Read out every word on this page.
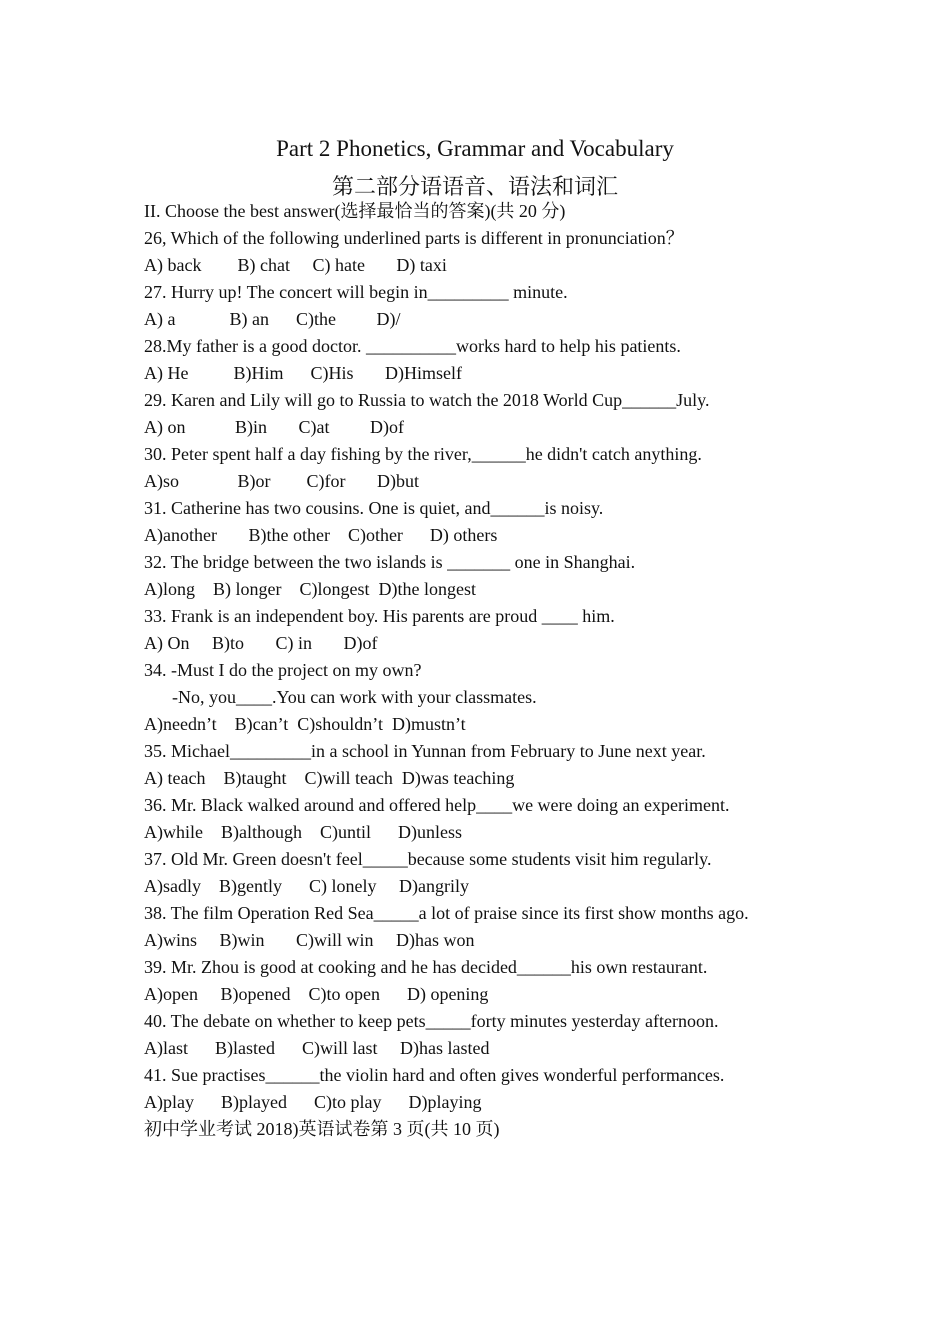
Part 2 Phonetics, Grammar and Vocabulary
第二部分语语音、语法和词汇
II. Choose the best answer(选择最恰当的答案)(共 20 分)
26, Which of the following underlined parts is different in pronunciation？
A) back        B) chat     C) hate       D) taxi
27. Hurry up! The concert will begin in_________ minute.
A) a            B) an      C)the         D)/
28.My father is a good doctor. __________works hard to help his patients.
A) He          B)Him      C)His       D)Himself
29. Karen and Lily will go to Russia to watch the 2018 World Cup______July.
A) on           B)in       C)at         D)of
30. Peter spent half a day fishing by the river,______he didn't catch anything.
A)so             B)or        C)for       D)but
31. Catherine has two cousins. One is quiet, and______is noisy.
A)another       B)the other    C)other      D) others
32. The bridge between the two islands is _______ one in Shanghai.
A)long    B) longer    C)longest  D)the longest
33. Frank is an independent boy. His parents are proud ____ him.
A) On     B)to       C) in       D)of
34. -Must I do the project on my own?
-No, you____.You can work with your classmates.
A)needn’t    B)can’t  C)shouldn’t  D)mustn’t
35. Michael_________in a school in Yunnan from February to June next year.
A) teach    B)taught    C)will teach  D)was teaching
36. Mr. Black walked around and offered help____we were doing an experiment.
A)while    B)although    C)until      D)unless
37. Old Mr. Green doesn't feel_____because some students visit him regularly.
A)sadly    B)gently      C) lonely     D)angrily
38. The film Operation Red Sea_____a lot of praise since its first show months ago.
A)wins     B)win       C)will win     D)has won
39. Mr. Zhou is good at cooking and he has decided______his own restaurant.
A)open     B)opened    C)to open      D) opening
40. The debate on whether to keep pets_____forty minutes yesterday afternoon.
A)last      B)lasted      C)will last     D)has lasted
41. Sue practises______the violin hard and often gives wonderful performances.
A)play      B)played      C)to play      D)playing
初中学业考试 2018)英语试卷第 3 页(共 10 页)
